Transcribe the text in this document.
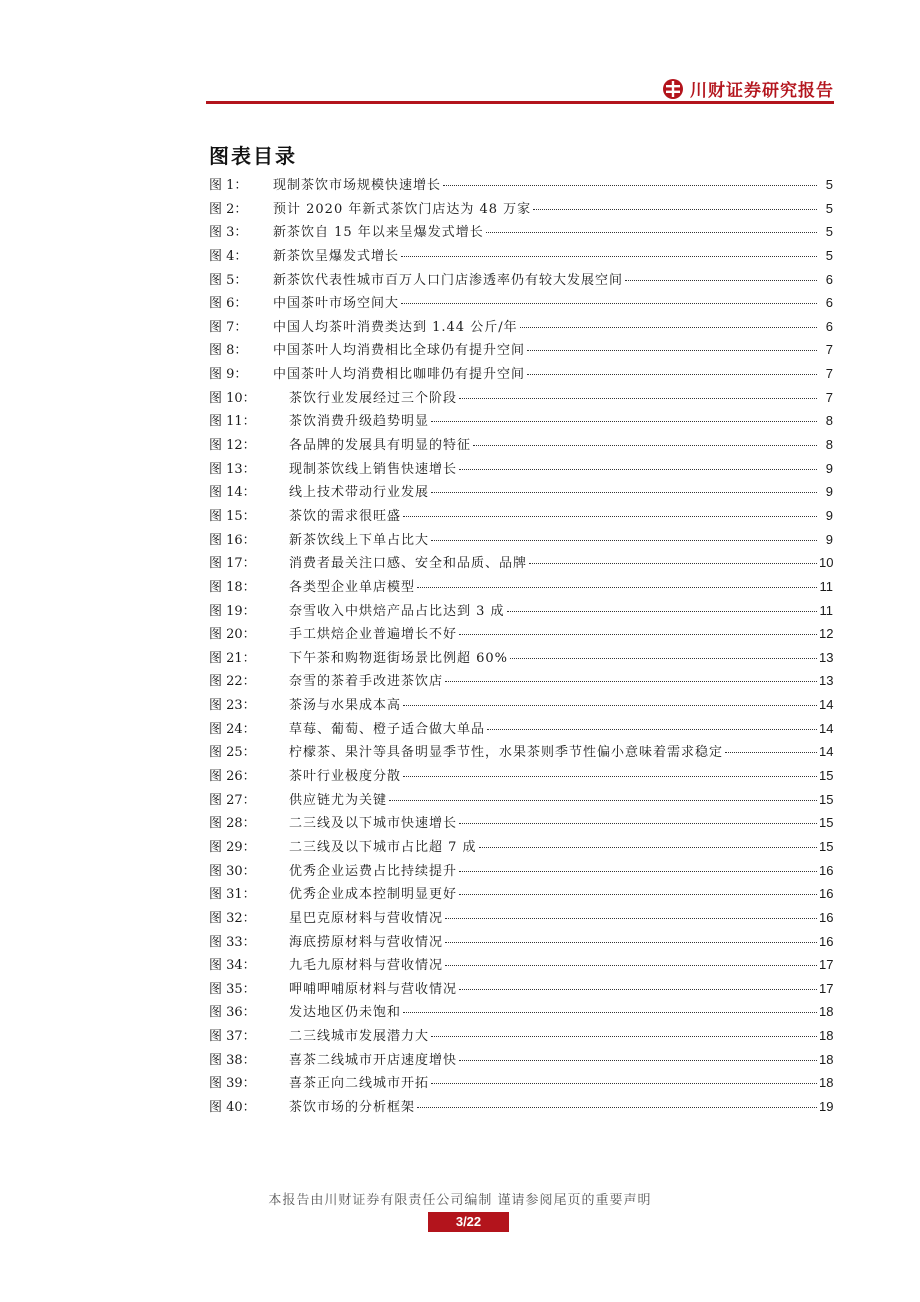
川财证券研究报告
图表目录
图 1：	现制茶饮市场规模快速增长	5
图 2：	预计 2020 年新式茶饮门店达为 48 万家	5
图 3：	新茶饮自 15 年以来呈爆发式增长	5
图 4：	新茶饮呈爆发式增长	5
图 5：	新茶饮代表性城市百万人口门店渗透率仍有较大发展空间	6
图 6：	中国茶叶市场空间大	6
图 7：	中国人均茶叶消费类达到 1.44 公斤/年	6
图 8：	中国茶叶人均消费相比全球仍有提升空间	7
图 9：	中国茶叶人均消费相比咖啡仍有提升空间	7
图 10：	茶饮行业发展经过三个阶段	7
图 11：	茶饮消费升级趋势明显	8
图 12：	各品牌的发展具有明显的特征	8
图 13：	现制茶饮线上销售快速增长	9
图 14：	线上技术带动行业发展	9
图 15：	茶饮的需求很旺盛	9
图 16：	新茶饮线上下单占比大	9
图 17：	消费者最关注口感、安全和品质、品牌	10
图 18：	各类型企业单店模型	11
图 19：	奈雪收入中烘焙产品占比达到 3 成	11
图 20：	手工烘焙企业普遍增长不好	12
图 21：	下午茶和购物逛街场景比例超 60%	13
图 22：	奈雪的茶着手改进茶饮店	13
图 23：	茶汤与水果成本高	14
图 24：	草莓、葡萄、橙子适合做大单品	14
图 25：	柠檬茶、果汁等具备明显季节性，水果茶则季节性偏小意味着需求稳定	14
图 26：	茶叶行业极度分散	15
图 27：	供应链尤为关键	15
图 28：	二三线及以下城市快速增长	15
图 29：	二三线及以下城市占比超 7 成	15
图 30：	优秀企业运费占比持续提升	16
图 31：	优秀企业成本控制明显更好	16
图 32：	星巴克原材料与营收情况	16
图 33：	海底捞原材料与营收情况	16
图 34：	九毛九原材料与营收情况	17
图 35：	呷哺呷哺原材料与营收情况	17
图 36：	发达地区仍未饱和	18
图 37：	二三线城市发展潜力大	18
图 38：	喜茶二线城市开店速度增快	18
图 39：	喜茶正向二线城市开拓	18
图 40：	茶饮市场的分析框架	19
本报告由川财证券有限责任公司编制 谨请参阅尾页的重要声明
3/22
